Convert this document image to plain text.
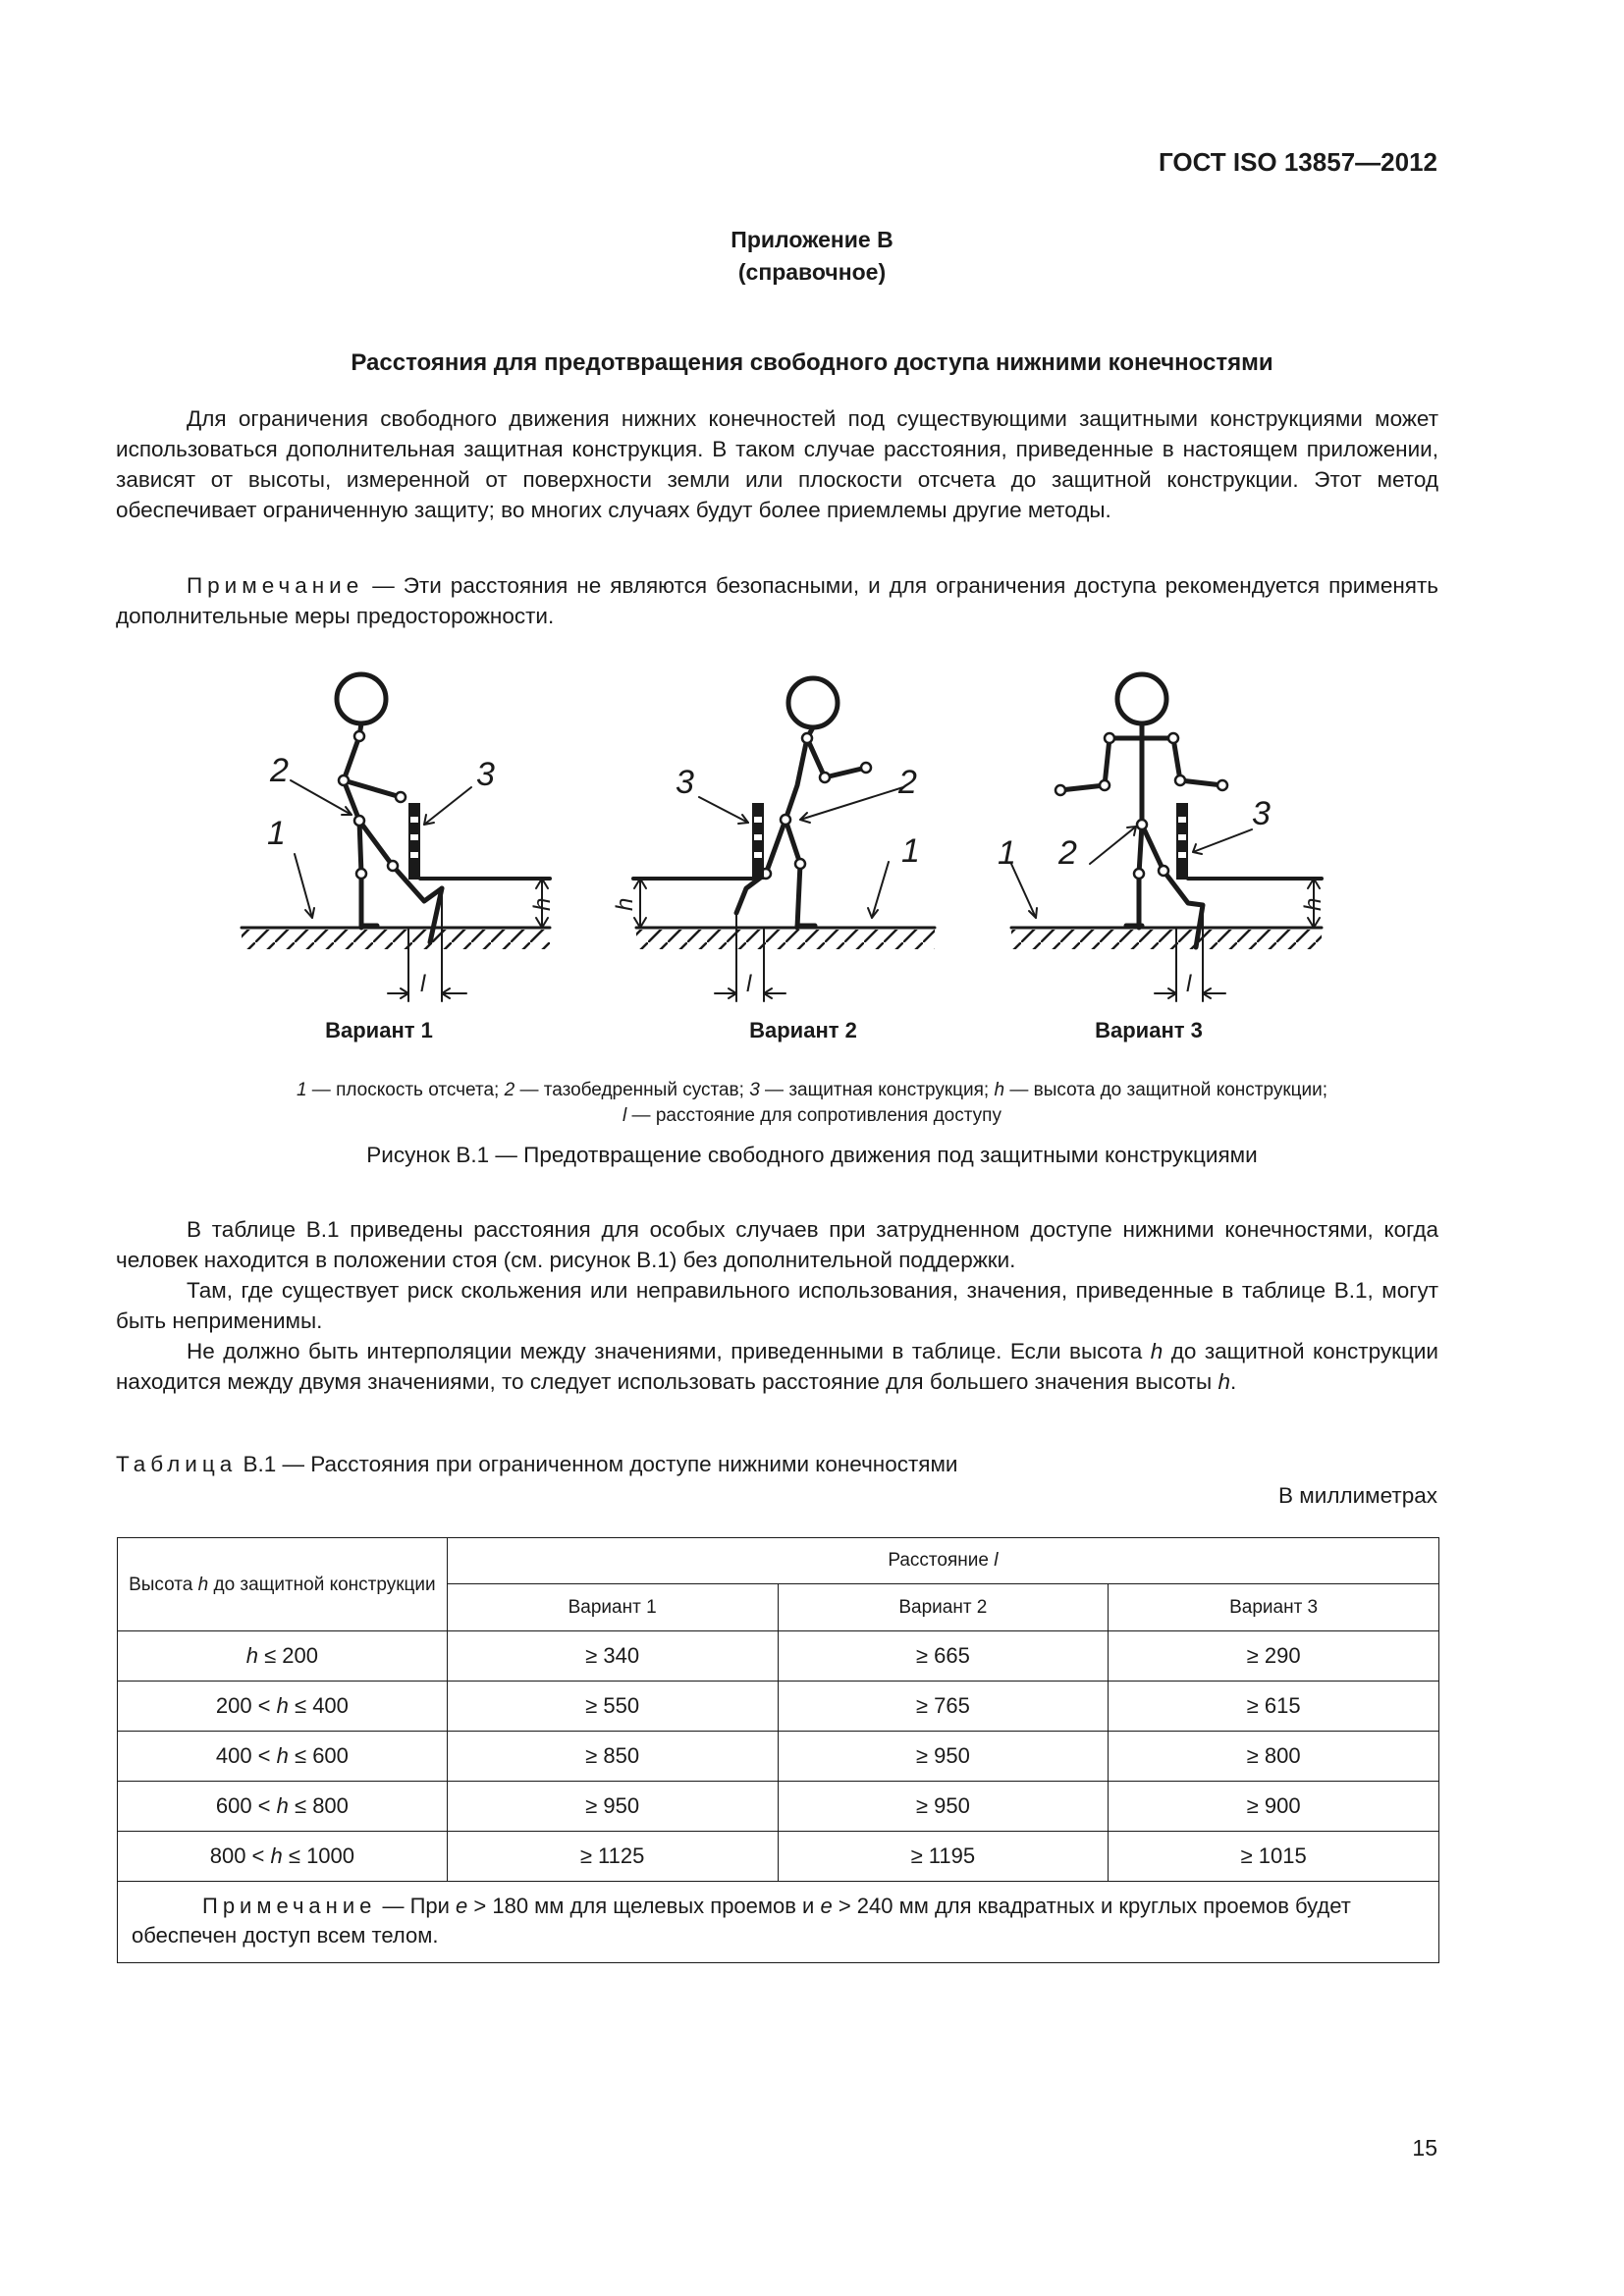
ГОСТ ISO 13857—2012
Приложение В
(справочное)
Расстояния для предотвращения свободного доступа нижними конечностями
Для ограничения свободного движения нижних конечностей под существующими защитными конструкциями может использоваться дополнительная защитная конструкция. В таком случае расстояния, приведенные в настоящем приложении, зависят от высоты, измеренной от поверхности земли или плоскости отсчета до защитной конструкции. Этот метод обеспечивает ограниченную защиту; во многих случаях будут более приемлемы другие методы.
Примечание — Эти расстояния не являются безопасными, и для ограничения доступа рекомендуется применять дополнительные меры предосторожности.
1
2	3
h
l
3	2
1
h
l
1 2
3
h
l
Вариант 1	Вариант 2	Вариант 3
1 — плоскость отсчета; 2 — тазобедренный сустав; 3 — защитная конструкция; h — высота до защитной конструкции;
l — расстояние для сопротивления доступу
Рисунок В.1 — Предотвращение свободного движения под защитными конструкциями
В таблице В.1 приведены расстояния для особых случаев при затрудненном доступе нижними конечностями, когда человек находится в положении стоя (см. рисунок В.1) без дополнительной поддержки.
Там, где существует риск скольжения или неправильного использования, значения, приведенные в таблице В.1, могут быть неприменимы.
Не должно быть интерполяции между значениями, приведенными в таблице. Если высота h до защитной конструкции находится между двумя значениями, то следует использовать расстояние для большего значения высоты h.
Таблица В.1 — Расстояния при ограниченном доступе нижними конечностями
В миллиметрах
Высота h до защитной конструкции	Расстояние l		
	Вариант 1	Вариант 2	Вариант 3
h ≤ 200	≥ 340	≥ 665	≥ 290
200 < h ≤ 400	≥ 550	≥ 765	≥ 615
400 < h ≤ 600	≥ 850	≥ 950	≥ 800
600 < h ≤ 800	≥ 950	≥ 950	≥ 900
800 < h ≤ 1000	≥ 1125	≥ 1195	≥ 1015
Примечание — При e > 180 мм для щелевых проемов и e > 240 мм для квадратных и круглых проемов будет обеспечен доступ всем телом.			
15
